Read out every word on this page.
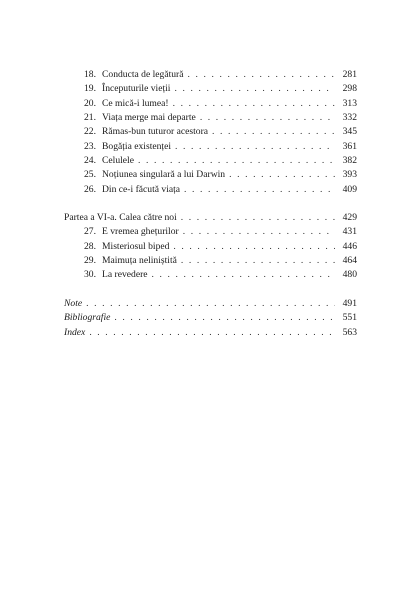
18. Conducta de legătură . . .	281
19. Începuturile vieții . . .	298
20. Ce mică-i lumea! . . .	313
21. Viața merge mai departe . . .	332
22. Rămas-bun tuturor acestora . . .	345
23. Bogăția existenței . . .	361
24. Celulele . . .	382
25. Noțiunea singulară a lui Darwin . . .	393
26. Din ce-i făcută viața . . .	409
Partea a VI-a. Calea către noi . . .	429
27. E vremea ghețurilor . . .	431
28. Misteriosul biped . . .	446
29. Maimuța neliniștită . . .	464
30. La revedere . . .	480
Note . . .	491
Bibliografie . . .	551
Index . . .	563
